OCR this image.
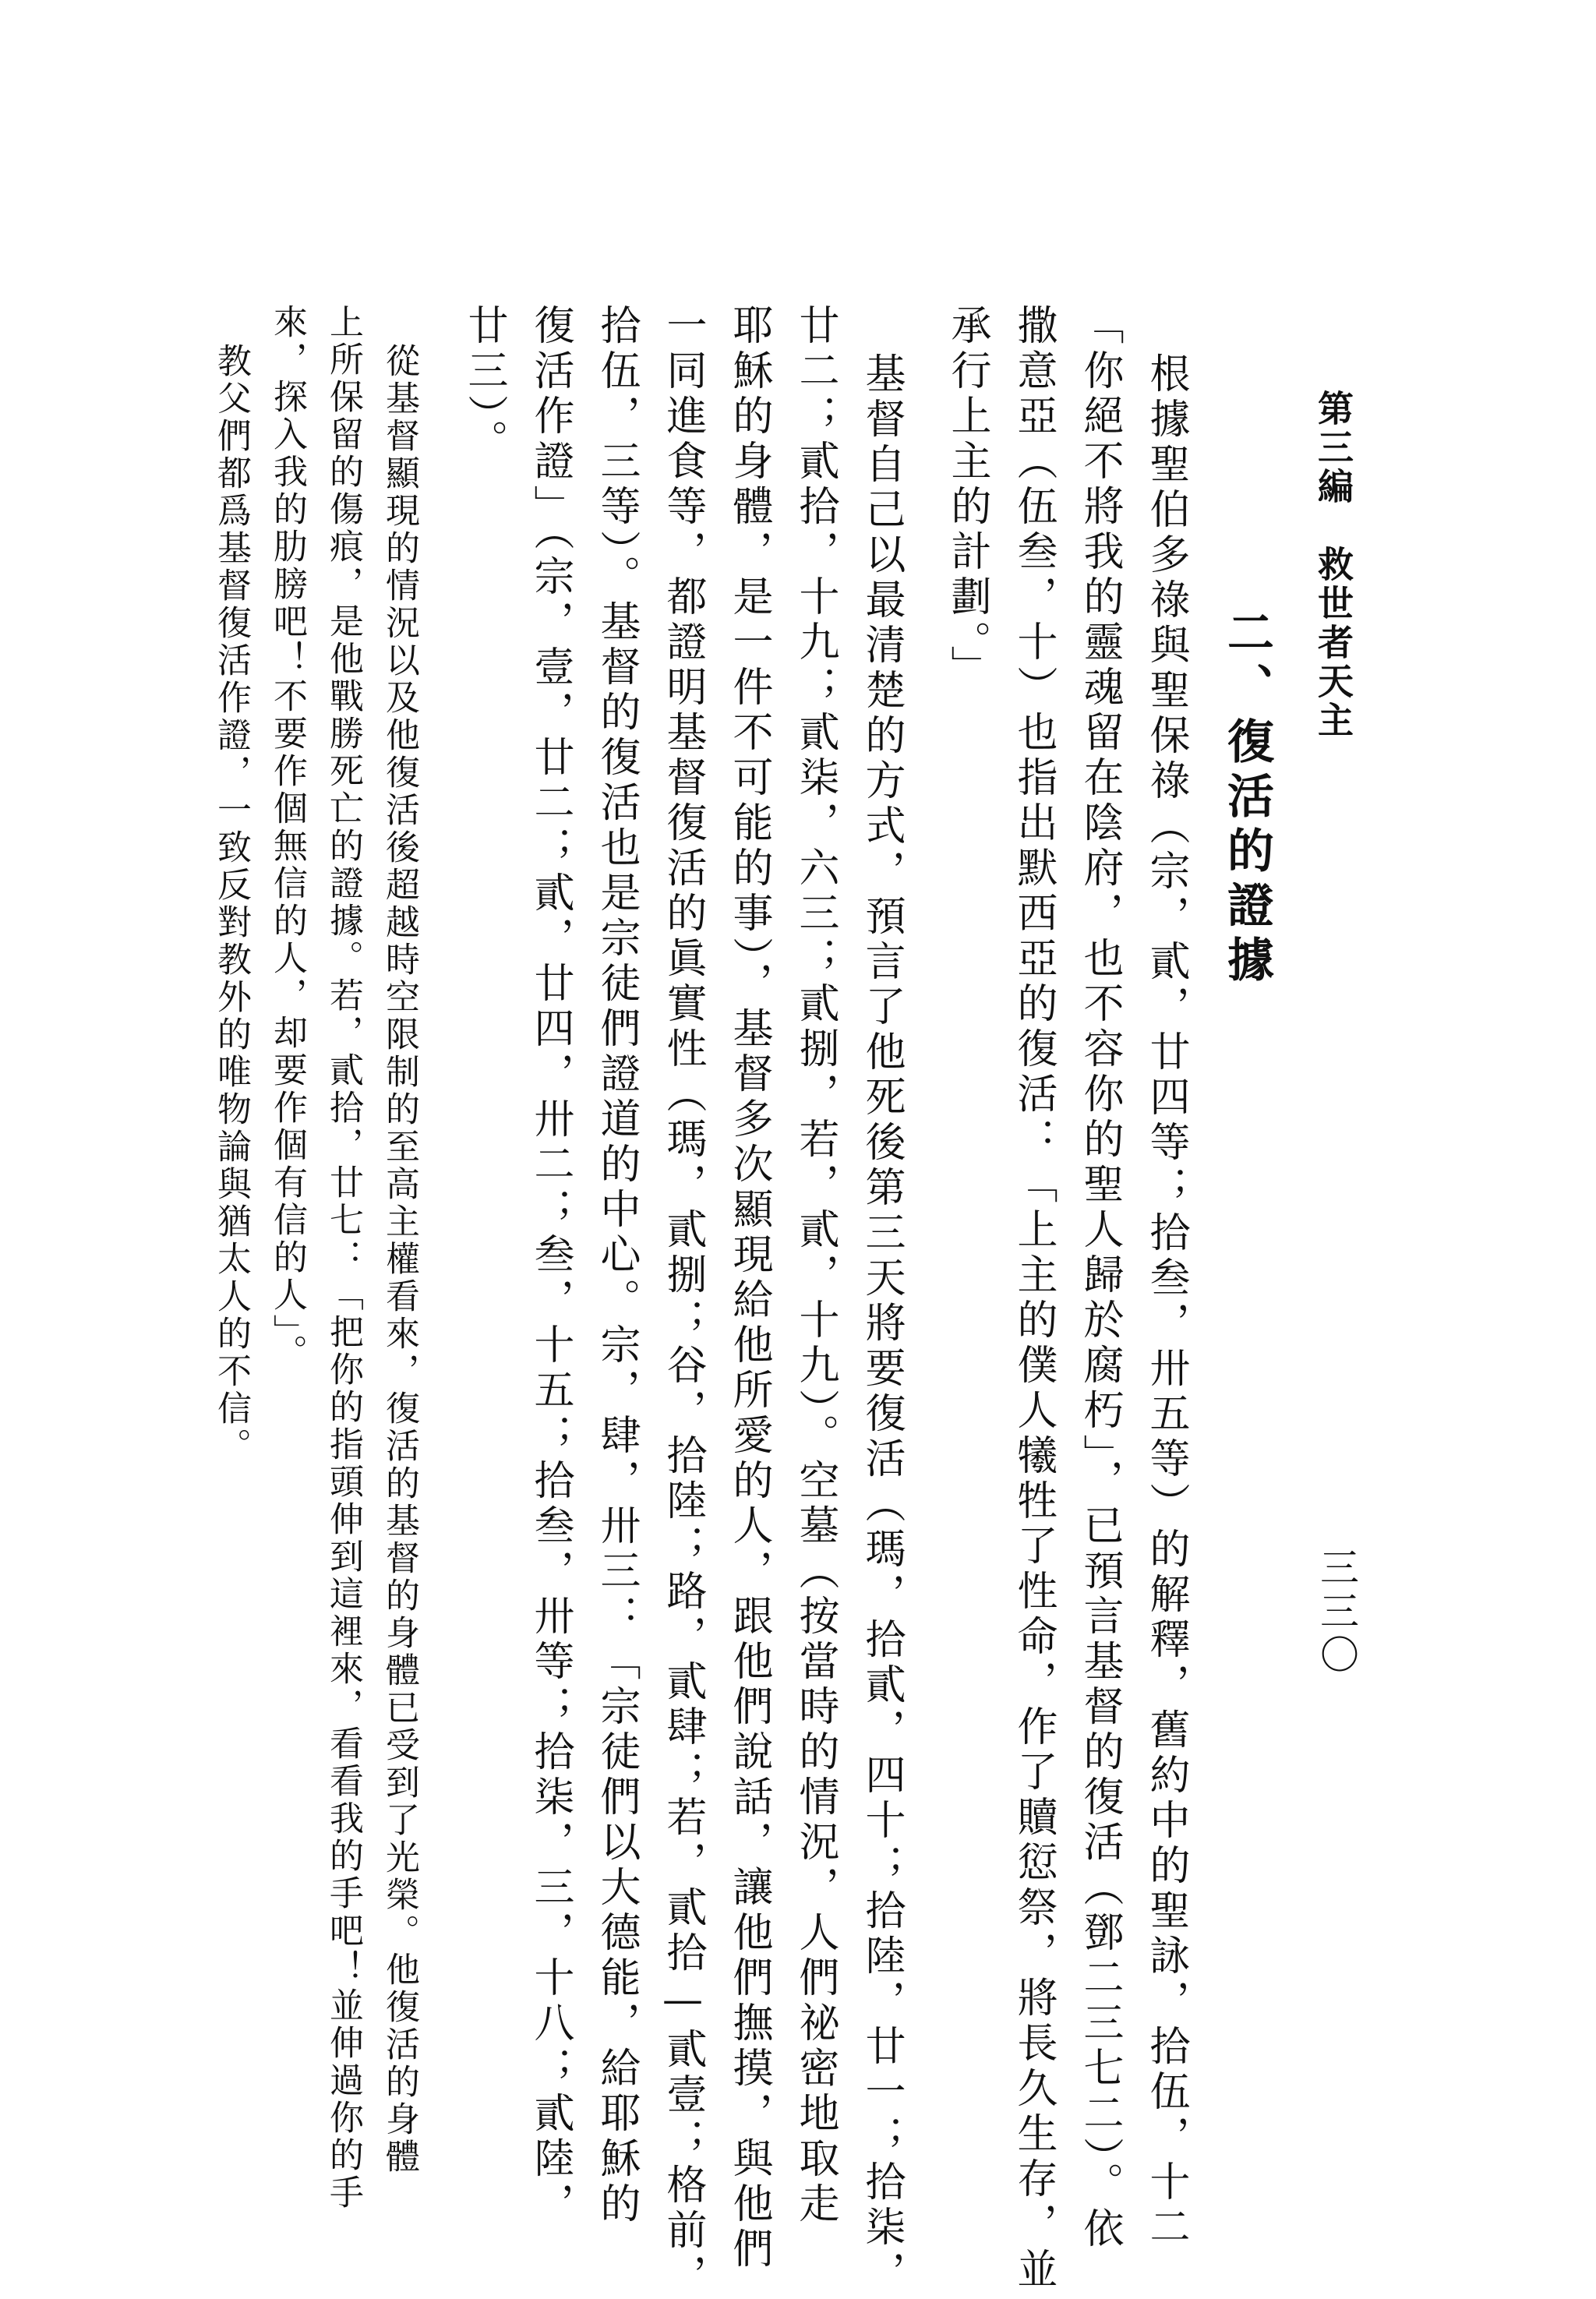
第三編　救世者天主
三三〇
二、復活的證據
根據聖伯多祿與聖保祿（宗，貳，廿四等；拾叁，卅五等）的解釋，舊約中的聖詠，拾伍，十二
「你絕不將我的靈魂留在陰府，也不容你的聖人歸於腐朽」，已預言基督的復活（鄧二三七二）。依
撒意亞（伍叁，十）也指出默西亞的復活：「上主的僕人犧牲了性命，作了贖愆祭，將長久生存，並
承行上主的計劃。」
基督自己以最清楚的方式，預言了他死後第三天將要復活（瑪，拾貳，四十；拾陸，廿一；拾柒，
廿二；貳拾，十九；貳柒，六三；貳捌，若，貳，十九）。空墓（按當時的情況，人們祕密地取走
耶穌的身體，是一件不可能的事），基督多次顯現給他所愛的人，跟他們說話，讓他們撫摸，與他們
一同進食等，都證明基督復活的眞實性（瑪，貳捌；谷，拾陸；路，貳肆；若，貳拾—貳壹；格前，
拾伍，三等）。基督的復活也是宗徒們證道的中心。宗，肆，卅三：「宗徒們以大德能，給耶穌的
復活作證」（宗，壹，廿二；貳，廿四，卅二；叁，十五；拾叁，卅等；拾柒，三，十八；貳陸，
廿三）。
從基督顯現的情況以及他復活後超越時空限制的至高主權看來，復活的基督的身體已受到了光榮。他復活的身體
上所保留的傷痕，是他戰勝死亡的證據。若，貳拾，廿七：「把你的指頭伸到這裡來，看看我的手吧！並伸過你的手
來，探入我的肋膀吧！不要作個無信的人，却要作個有信的人」。
教父們都爲基督復活作證，一致反對教外的唯物論與猶太人的不信。
